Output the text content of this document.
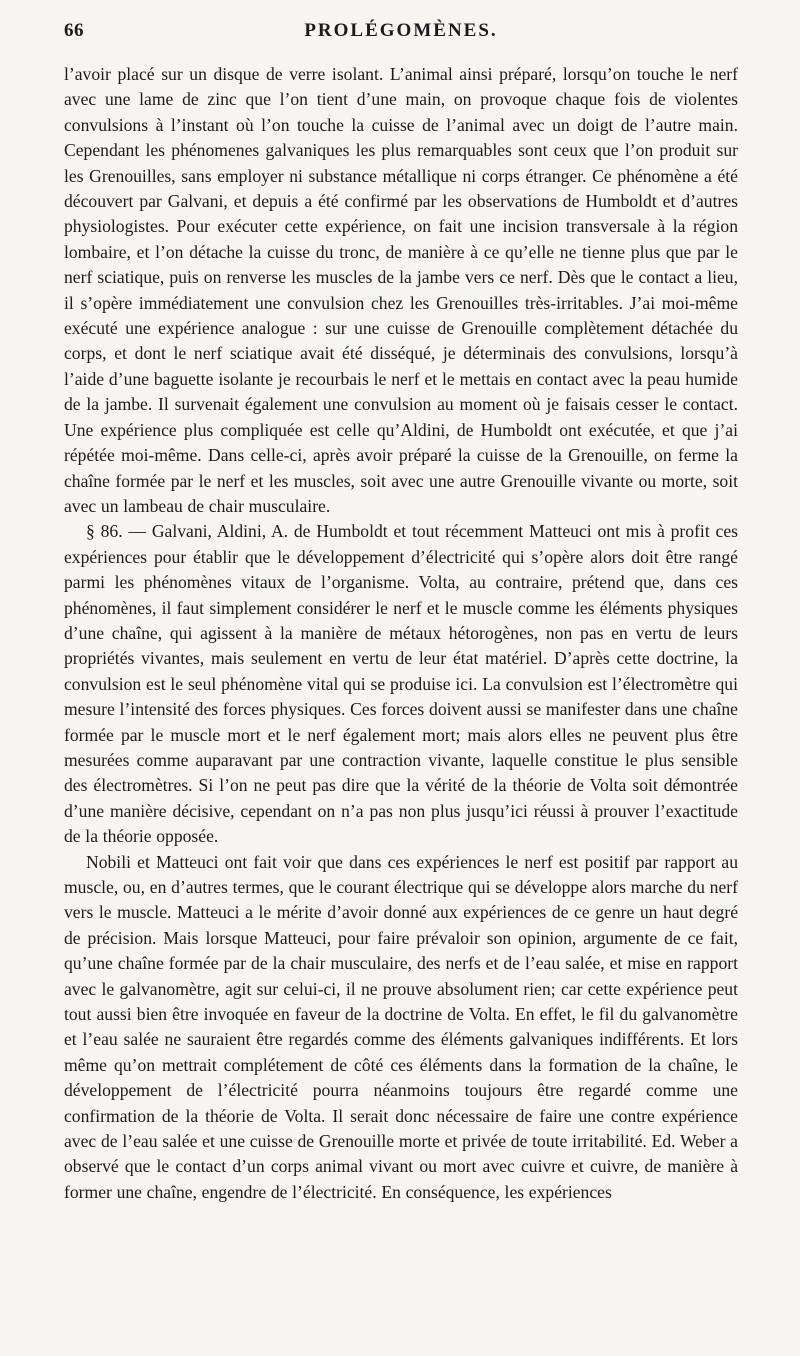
66	PROLÉGOMÈNES.

l’avoir placé sur un disque de verre isolant. L’animal ainsi préparé, lorsqu’on touche le nerf avec une lame de zinc que l’on tient d’une main, on provoque chaque fois de violentes convulsions à l’instant où l’on touche la cuisse de l’animal avec un doigt de l’autre main. Cependant les phénomenes galvaniques les plus remarquables sont ceux que l’on produit sur les Grenouilles, sans employer ni substance métallique ni corps étranger. Ce phénomène a été découvert par Galvani, et depuis a été confirmé par les observations de Humboldt et d’autres physiologistes. Pour exécuter cette expérience, on fait une incision transversale à la région lombaire, et l’on détache la cuisse du tronc, de manière à ce qu’elle ne tienne plus que par le nerf sciatique, puis on renverse les muscles de la jambe vers ce nerf. Dès que le contact a lieu, il s’opère immédiatement une convulsion chez les Grenouilles très-irritables. J’ai moi-même exécuté une expérience analogue : sur une cuisse de Grenouille complètement détachée du corps, et dont le nerf sciatique avait été disséqué, je déterminais des convulsions, lorsqu’à l’aide d’une baguette isolante je recourbais le nerf et le mettais en contact avec la peau humide de la jambe. Il survenait également une convulsion au moment où je faisais cesser le contact. Une expérience plus compliquée est celle qu’Aldini, de Humboldt ont exécutée, et que j’ai répétée moi-même. Dans celle-ci, après avoir préparé la cuisse de la Grenouille, on ferme la chaîne formée par le nerf et les muscles, soit avec une autre Grenouille vivante ou morte, soit avec un lambeau de chair musculaire.

§ 86. — Galvani, Aldini, A. de Humboldt et tout récemment Matteuci ont mis à profit ces expériences pour établir que le développement d’électricité qui s’opère alors doit être rangé parmi les phénomènes vitaux de l’organisme. Volta, au contraire, prétend que, dans ces phénomènes, il faut simplement considérer le nerf et le muscle comme les éléments physiques d’une chaîne, qui agissent à la manière de métaux hétorogènes, non pas en vertu de leurs propriétés vivantes, mais seulement en vertu de leur état matériel. D’après cette doctrine, la convulsion est le seul phénomène vital qui se produise ici. La convulsion est l’électromètre qui mesure l’intensité des forces physiques. Ces forces doivent aussi se manifester dans une chaîne formée par le muscle mort et le nerf également mort; mais alors elles ne peuvent plus être mesurées comme auparavant par une contraction vivante, laquelle constitue le plus sensible des électromètres. Si l’on ne peut pas dire que la vérité de la théorie de Volta soit démontrée d’une manière décisive, cependant on n’a pas non plus jusqu’ici réussi à prouver l’exactitude de la théorie opposée.

Nobili et Matteuci ont fait voir que dans ces expériences le nerf est positif par rapport au muscle, ou, en d’autres termes, que le courant électrique qui se développe alors marche du nerf vers le muscle. Matteuci a le mérite d’avoir donné aux expériences de ce genre un haut degré de précision. Mais lorsque Matteuci, pour faire prévaloir son opinion, argumente de ce fait, qu’une chaîne formée par de la chair musculaire, des nerfs et de l’eau salée, et mise en rapport avec le galvanomètre, agit sur celui-ci, il ne prouve absolument rien; car cette expérience peut tout aussi bien être invoquée en faveur de la doctrine de Volta. En effet, le fil du galvanomètre et l’eau salée ne sauraient être regardés comme des éléments galvaniques indifférents. Et lors même qu’on mettrait complétement de côté ces éléments dans la formation de la chaîne, le développement de l’électricité pourra néanmoins toujours être regardé comme une confirmation de la théorie de Volta. Il serait donc nécessaire de faire une contre expérience avec de l’eau salée et une cuisse de Grenouille morte et privée de toute irritabilité. Ed. Weber a observé que le contact d’un corps animal vivant ou mort avec cuivre et cuivre, de manière à former une chaîne, engendre de l’électricité. En conséquence, les expériences
